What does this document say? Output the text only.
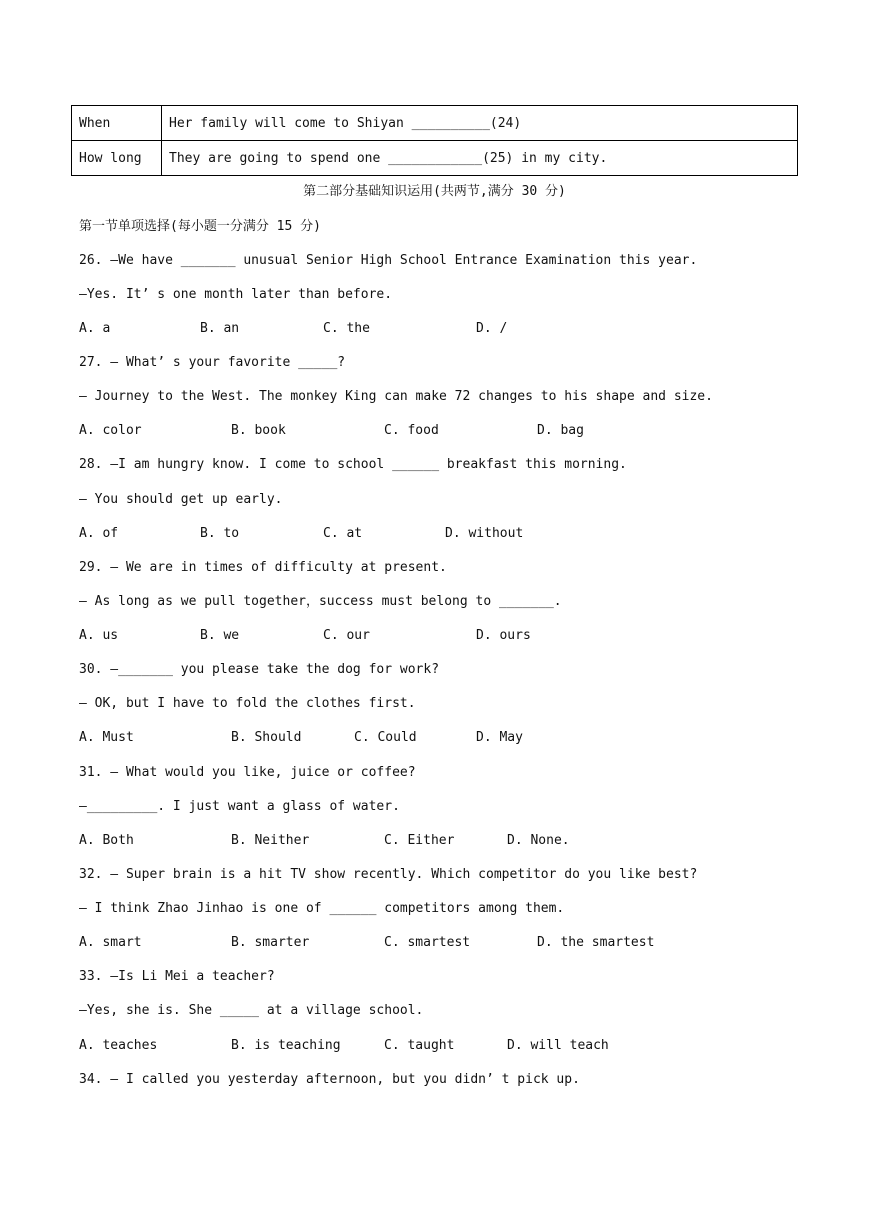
When	Her family will come to Shiyan __________(24)
How long	They are going to spend one ____________(25) in my city.
第二部分基础知识运用(共两节,满分 30 分)
第一节单项选择(每小题一分满分 15 分)
26. —We have _______ unusual Senior High School Entrance Examination this year.
—Yes. It’ s one month later than before.

A. a

	B. an

	C. the

	D. /

27. — What’ s your favorite _____?
— Journey to the West. The monkey King can make 72 changes to his shape and size.

A. color

	B. book

	C. food

	D. bag

28. —I am hungry know. I come to school ______ breakfast this morning.
— You should get up early.

A. of

	B. to

	C. at

	D. without

29. — We are in times of difficulty at present.
— As long as we pull together，success must belong to _______.

A. us

	B. we

	C. our

	D. ours

30. —_______ you please take the dog for work?
— OK, but I have to fold the clothes first.

A. Must

	B. Should

	C. Could

	D. May

31. — What would you like, juice or coffee?
—_________. I just want a glass of water.

A. Both

	B. Neither

	C. Either

	D. None.

32. — Super brain is a hit TV show recently. Which competitor do you like best?
— I think Zhao Jinhao is one of ______ competitors among them.

A. smart

	B. smarter

	C. smartest

	D. the smartest

33. —Is Li Mei a teacher?
—Yes, she is. She _____ at a village school.

A. teaches

	B. is teaching

	C. taught

	D. will teach

34. — I called you yesterday afternoon, but you didn’ t pick up.
